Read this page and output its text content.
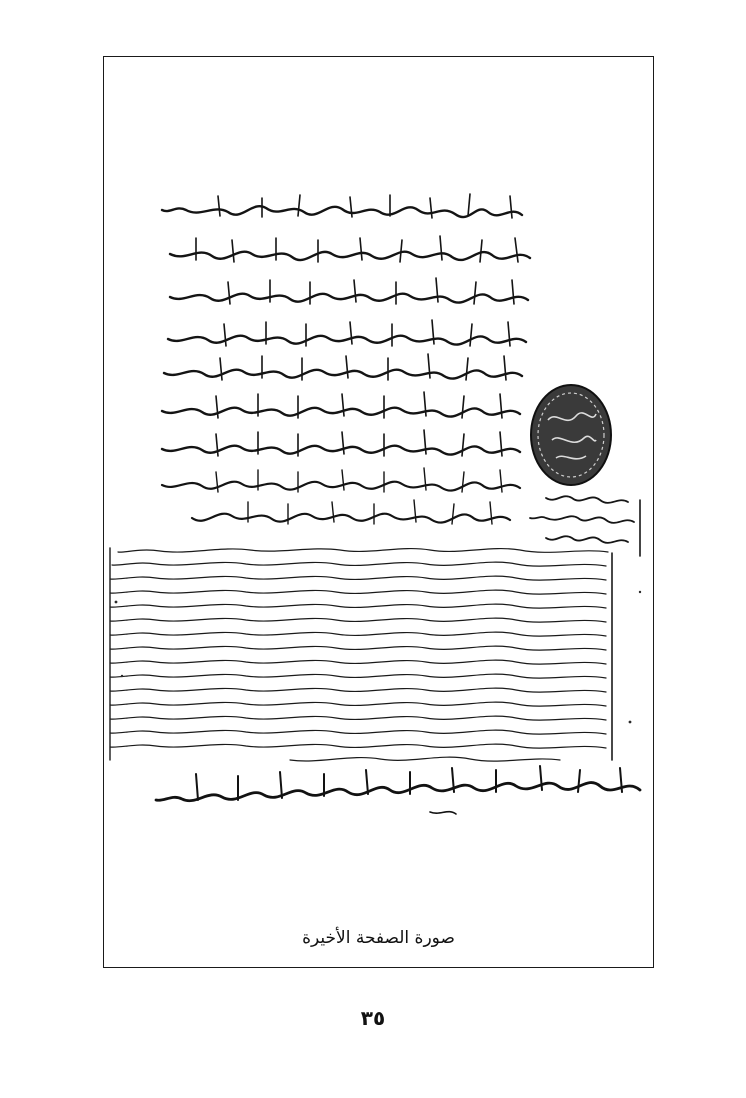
صورة الصفحة الأخيرة
٣٥
